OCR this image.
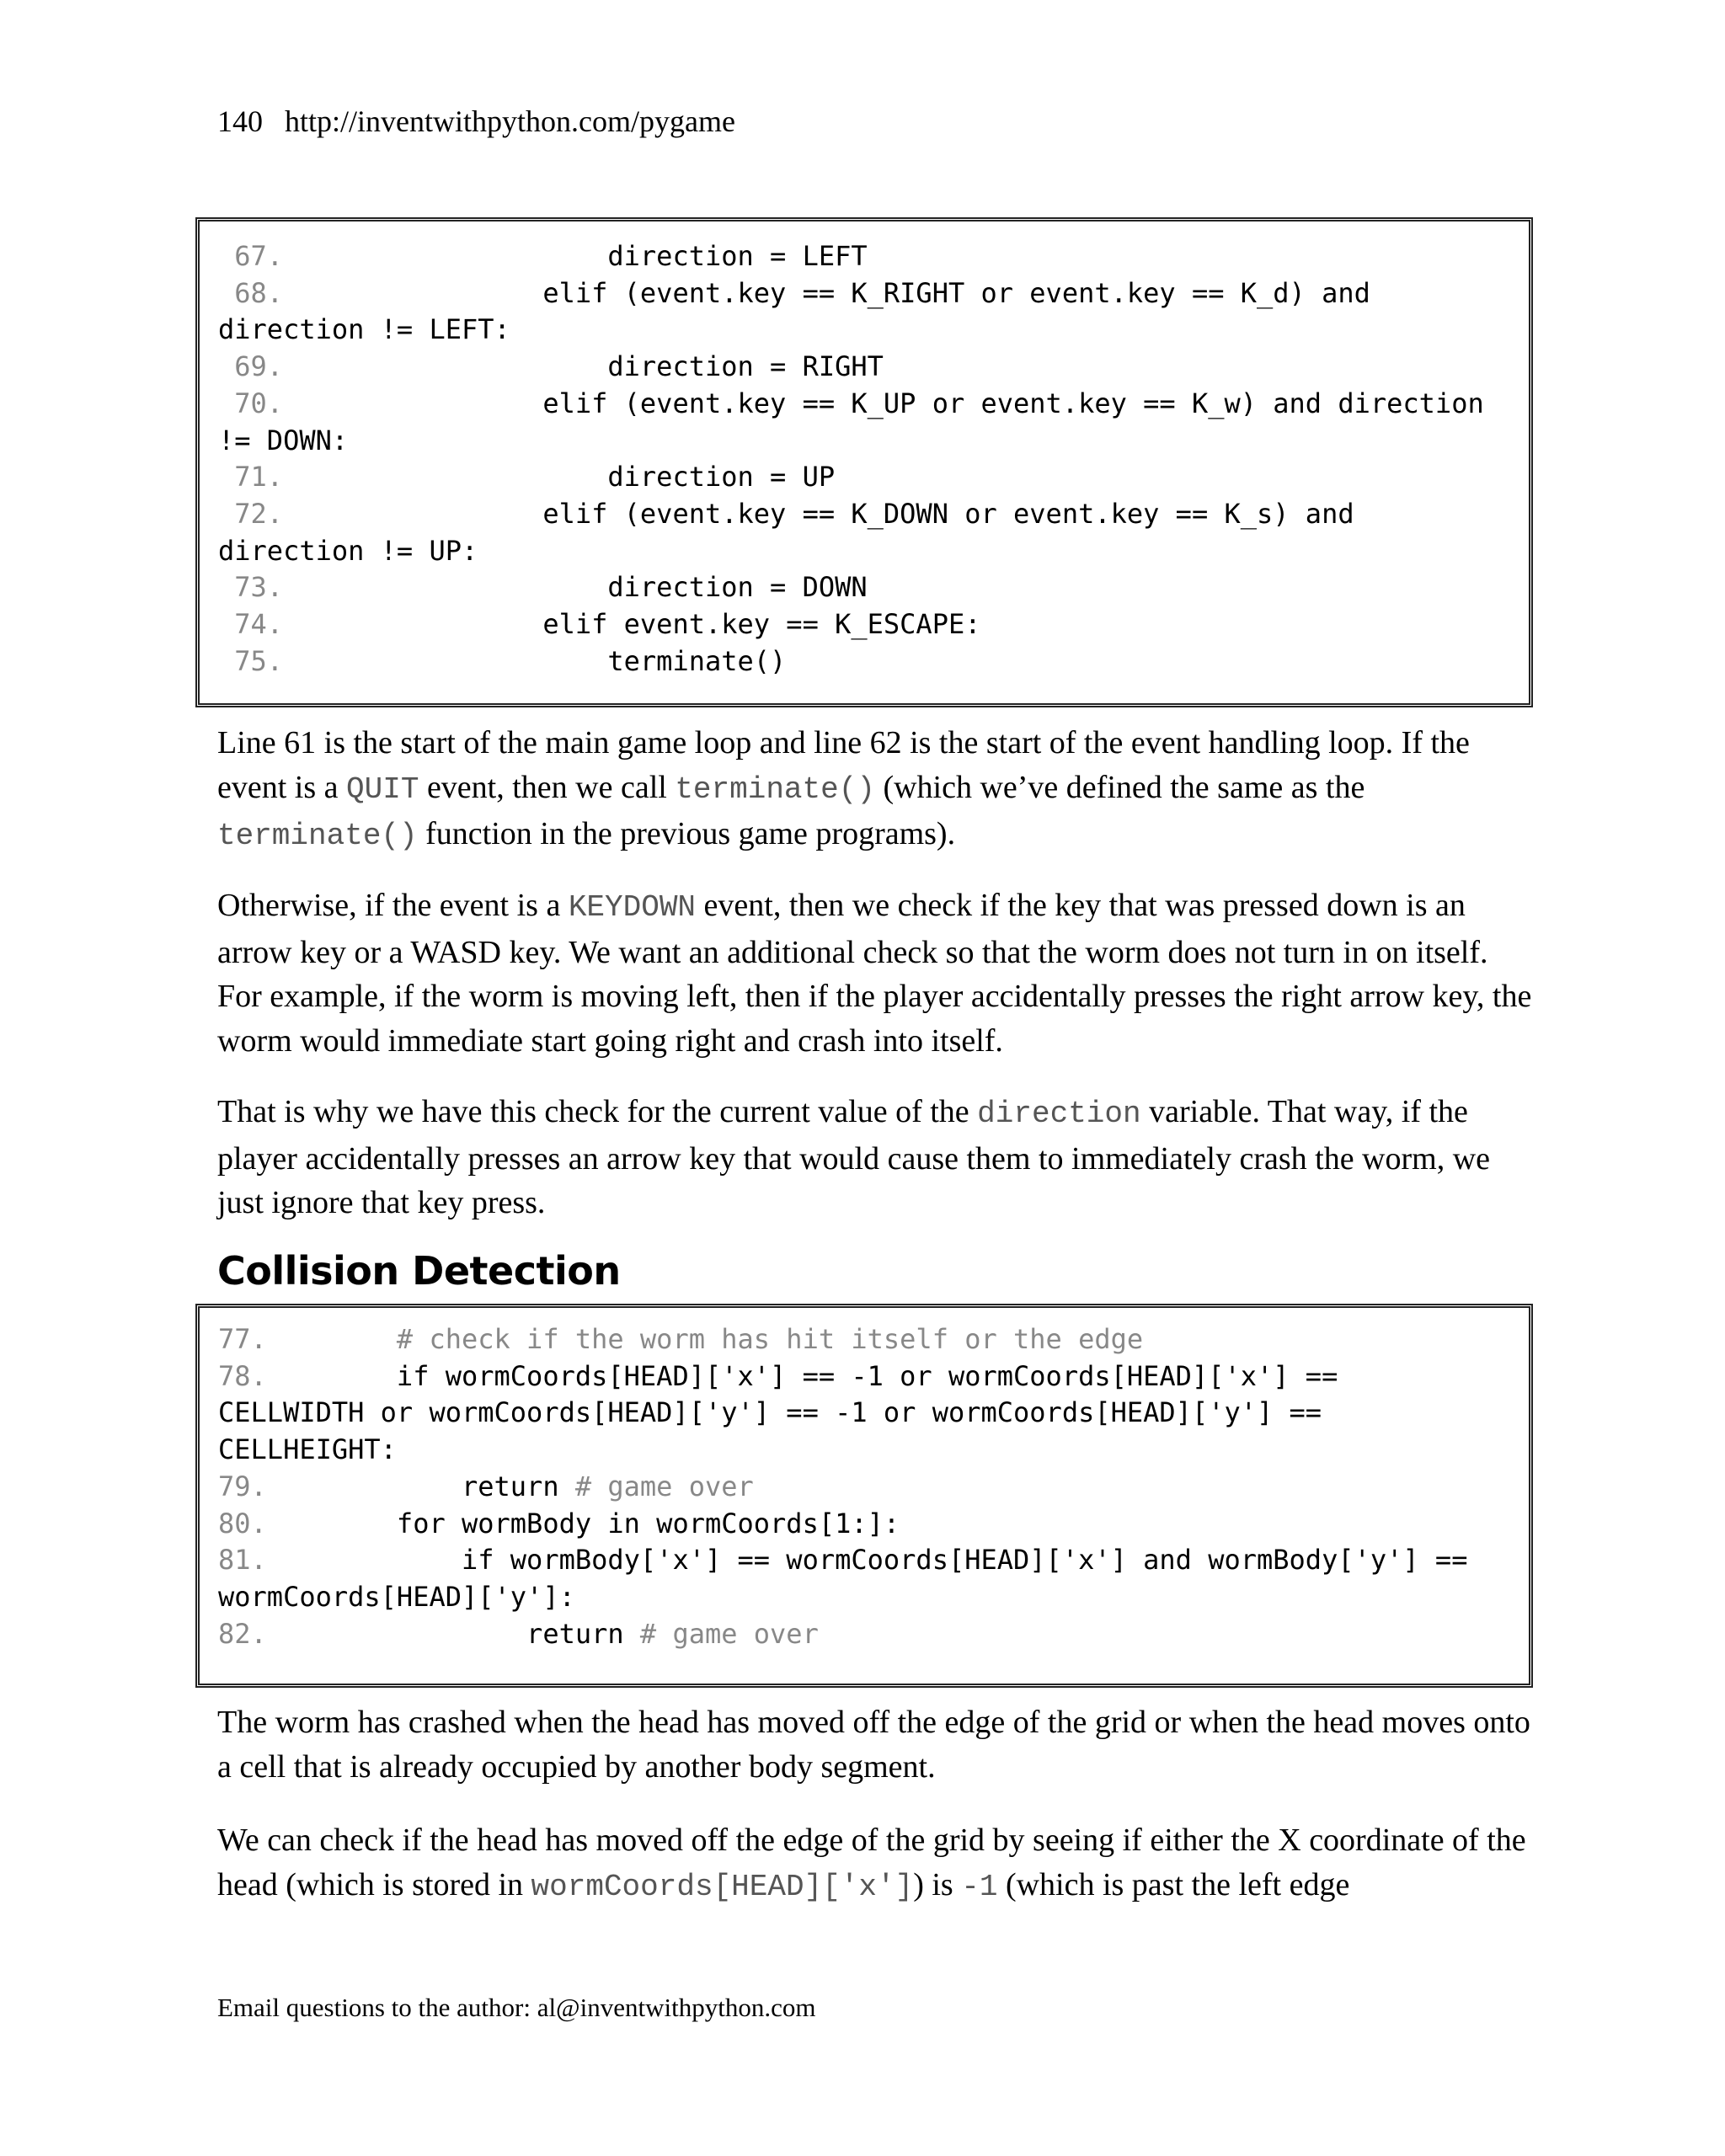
140 http://inventwithpython.com/pygame
67.                    direction = LEFT
68.                elif (event.key == K_RIGHT or event.key == K_d) and
direction != LEFT:
69.                    direction = RIGHT
70.                elif (event.key == K_UP or event.key == K_w) and direction
!= DOWN:
71.                    direction = UP
72.                elif (event.key == K_DOWN or event.key == K_s) and
direction != UP:
73.                    direction = DOWN
74.                elif event.key == K_ESCAPE:
75.                    terminate()

Line 61 is the start of the main game loop and line 62 is the start of the event handling loop. If the event is a QUIT event, then we call terminate() (which we’ve defined the same as the terminate() function in the previous game programs).

Otherwise, if the event is a KEYDOWN event, then we check if the key that was pressed down is an arrow key or a WASD key. We want an additional check so that the worm does not turn in on itself. For example, if the worm is moving left, then if the player accidentally presses the right arrow key, the worm would immediate start going right and crash into itself.

That is why we have this check for the current value of the direction variable. That way, if the player accidentally presses an arrow key that would cause them to immediately crash the worm, we just ignore that key press.

Collision Detection
77.	# check if the worm has hit itself or the edge
78.        if wormCoords[HEAD]['x'] == -1 or wormCoords[HEAD]['x'] ==
CELLWIDTH or wormCoords[HEAD]['y'] == -1 or wormCoords[HEAD]['y'] ==
CELLHEIGHT:
79.            return # game over
80.        for wormBody in wormCoords[1:]:
81.            if wormBody['x'] == wormCoords[HEAD]['x'] and wormBody['y'] ==
wormCoords[HEAD]['y']:
82.                return # game over

The worm has crashed when the head has moved off the edge of the grid or when the head moves onto a cell that is already occupied by another body segment.

We can check if the head has moved off the edge of the grid by seeing if either the X coordinate of the head (which is stored in wormCoords[HEAD]['x']) is -1 (which is past the left edge

Email questions to the author: al@inventwithpython.com
